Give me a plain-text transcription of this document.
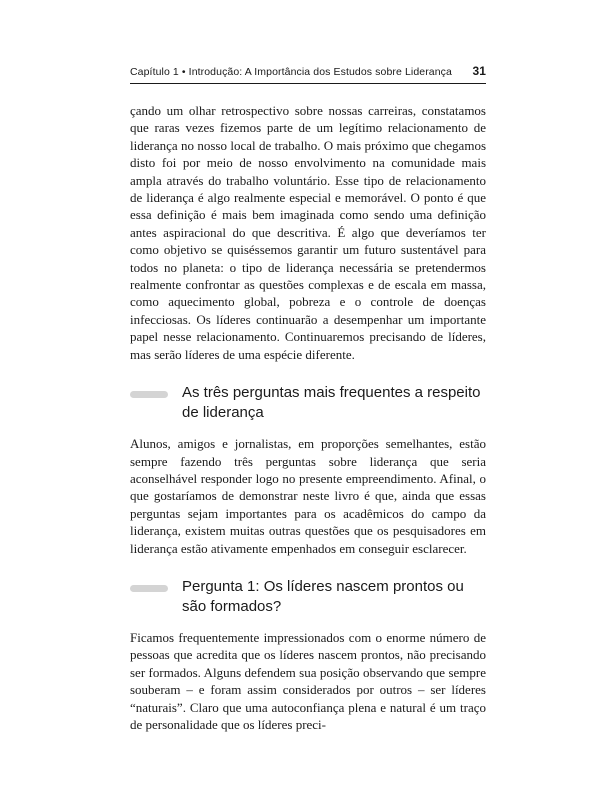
Capítulo 1 • Introdução: A Importância dos Estudos sobre Liderança 31

çando um olhar retrospectivo sobre nossas carreiras, constatamos que raras vezes fizemos parte de um legítimo relacionamento de liderança no nosso local de trabalho. O mais próximo que chegamos disto foi por meio de nosso envolvimento na comunidade mais ampla através do trabalho voluntário. Esse tipo de relacionamento de liderança é algo realmente especial e memorável. O ponto é que essa definição é mais bem imaginada como sendo uma definição antes aspiracional do que descritiva. É algo que deveríamos ter como objetivo se quiséssemos garantir um futuro sustentável para todos no planeta: o tipo de liderança necessária se pretendermos realmente confrontar as questões complexas e de escala em massa, como aquecimento global, pobreza e o controle de doenças infecciosas. Os líderes continuarão a desempenhar um importante papel nesse relacionamento. Continuaremos precisando de líderes, mas serão líderes de uma espécie diferente.

As três perguntas mais frequentes a respeito de liderança

Alunos, amigos e jornalistas, em proporções semelhantes, estão sempre fazendo três perguntas sobre liderança que seria aconselhável responder logo no presente empreendimento. Afinal, o que gostaríamos de demonstrar neste livro é que, ainda que essas perguntas sejam importantes para os acadêmicos do campo da liderança, existem muitas outras questões que os pesquisadores em liderança estão ativamente empenhados em conseguir esclarecer.

Pergunta 1: Os líderes nascem prontos ou são formados?

Ficamos frequentemente impressionados com o enorme número de pessoas que acredita que os líderes nascem prontos, não precisando ser formados. Alguns defendem sua posição observando que sempre souberam – e foram assim considerados por outros – ser líderes “naturais”. Claro que uma autoconfiança plena e natural é um traço de personalidade que os líderes preci-
